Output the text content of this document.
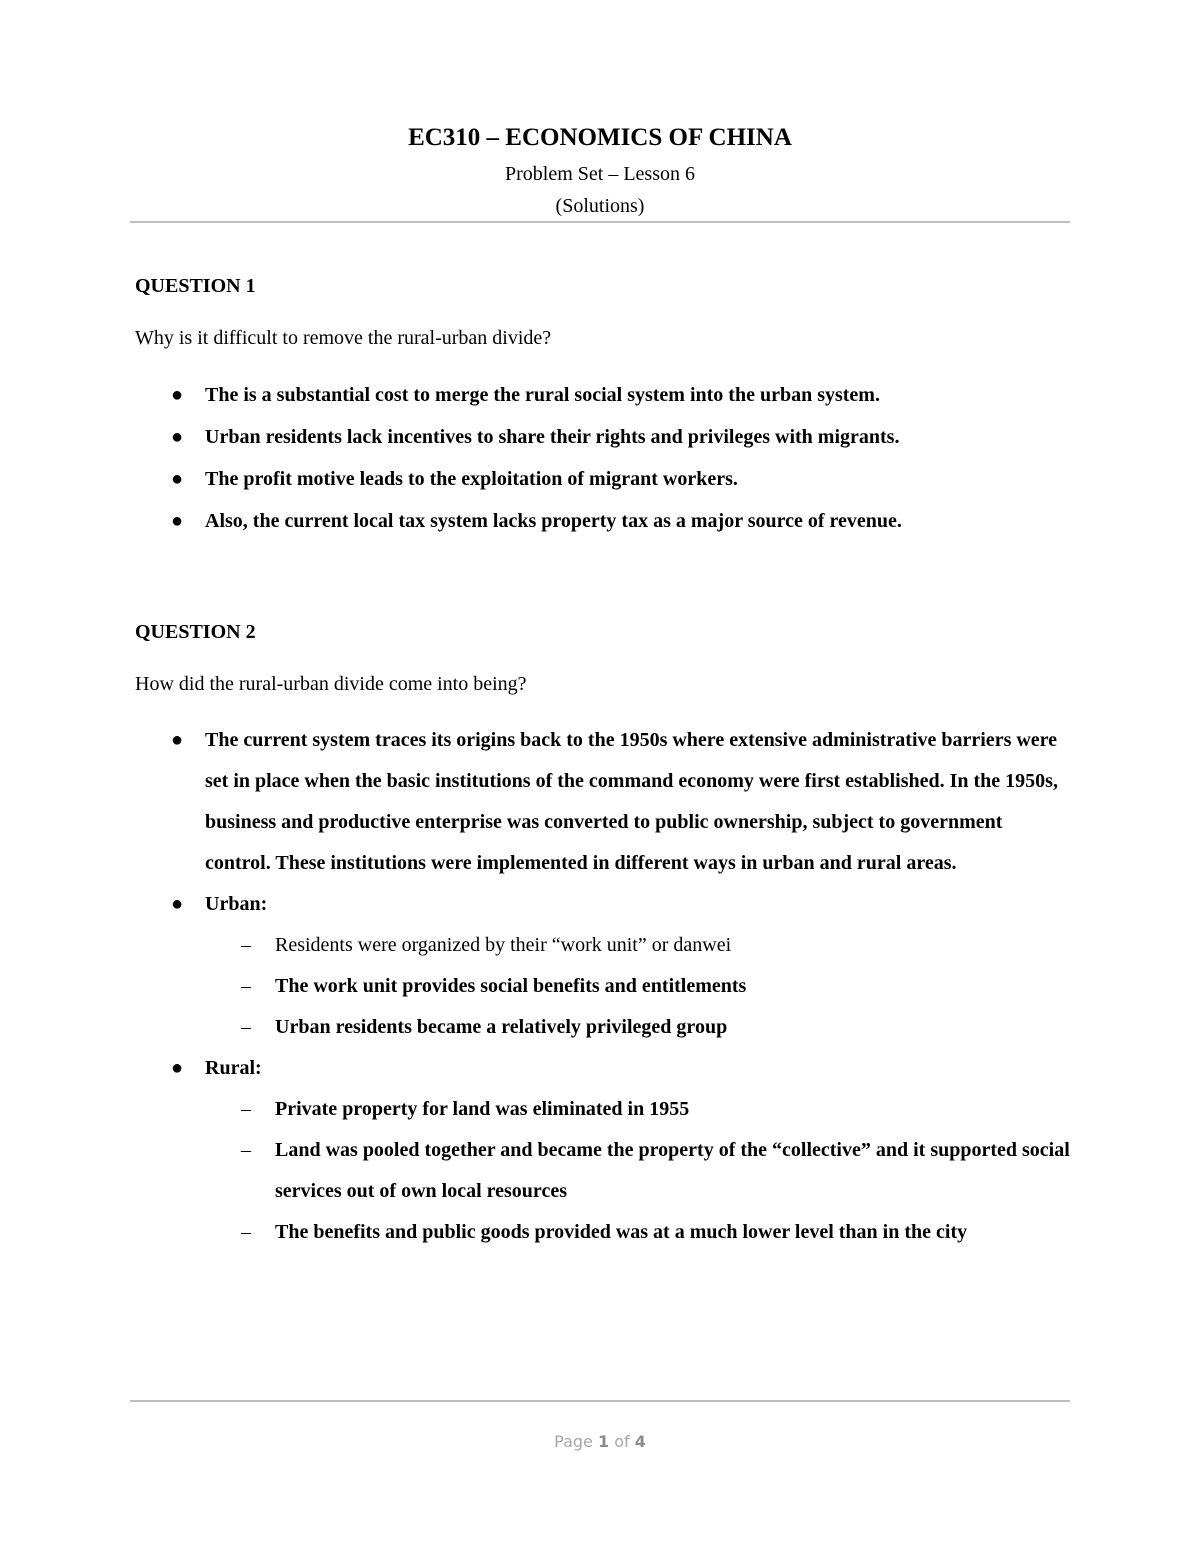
EC310 – ECONOMICS OF CHINA

Problem Set – Lesson 6

(Solutions)

QUESTION 1

Why is it difficult to remove the rural-urban divide?

● The is a substantial cost to merge the rural social system into the urban system.
● Urban residents lack incentives to share their rights and privileges with migrants.
● The profit motive leads to the exploitation of migrant workers.
● Also, the current local tax system lacks property tax as a major source of revenue.

QUESTION 2

How did the rural-urban divide come into being?

● The current system traces its origins back to the 1950s where extensive administrative barriers were set in place when the basic institutions of the command economy were first established. In the 1950s, business and productive enterprise was converted to public ownership, subject to government control. These institutions were implemented in different ways in urban and rural areas.
● Urban:
– Residents were organized by their “work unit” or danwei
– The work unit provides social benefits and entitlements
– Urban residents became a relatively privileged group
● Rural:
– Private property for land was eliminated in 1955
– Land was pooled together and became the property of the “collective” and it supported social services out of own local resources
– The benefits and public goods provided was at a much lower level than in the city
Page 1 of 4
